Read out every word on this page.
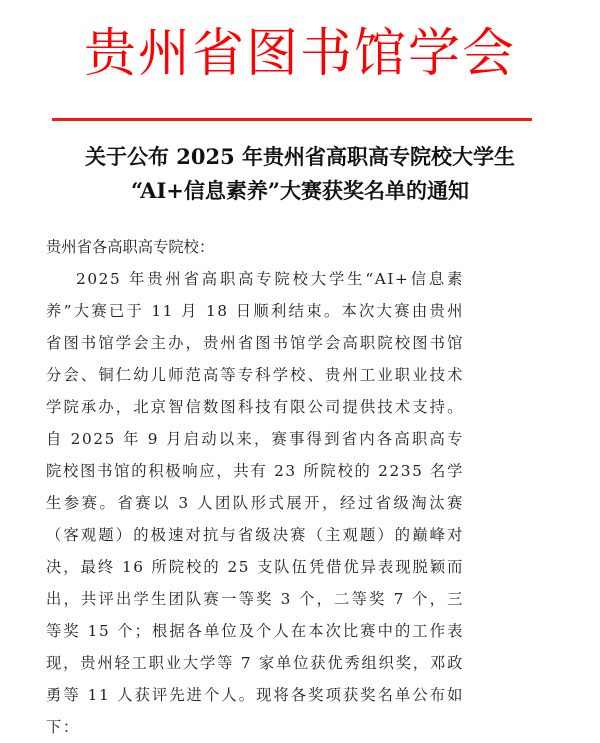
贵州省图书馆学会
关于公布 2025 年贵州省高职高专院校大学生
“AI+信息素养”大赛获奖名单的通知
贵州省各高职高专院校：

2025 年贵州省高职高专院校大学生“AI+信息素养”大赛已于 11 月 18 日顺利结束。本次大赛由贵州省图书馆学会主办，贵州省图书馆学会高职院校图书馆分会、铜仁幼儿师范高等专科学校、贵州工业职业技术学院承办，北京智信数图科技有限公司提供技术支持。自 2025 年 9 月启动以来，赛事得到省内各高职高专院校图书馆的积极响应，共有 23 所院校的 2235 名学生参赛。省赛以 3 人团队形式展开，经过省级淘汰赛（客观题）的极速对抗与省级决赛（主观题）的巅峰对决，最终 16 所院校的 25 支队伍凭借优异表现脱颖而出，共评出学生团队赛一等奖 3 个，二等奖 7 个，三等奖 15 个；根据各单位及个人在本次比赛中的工作表现，贵州轻工职业大学等 7 家单位获优秀组织奖，邓政勇等 11 人获评先进个人。现将各奖项获奖名单公布如下：
